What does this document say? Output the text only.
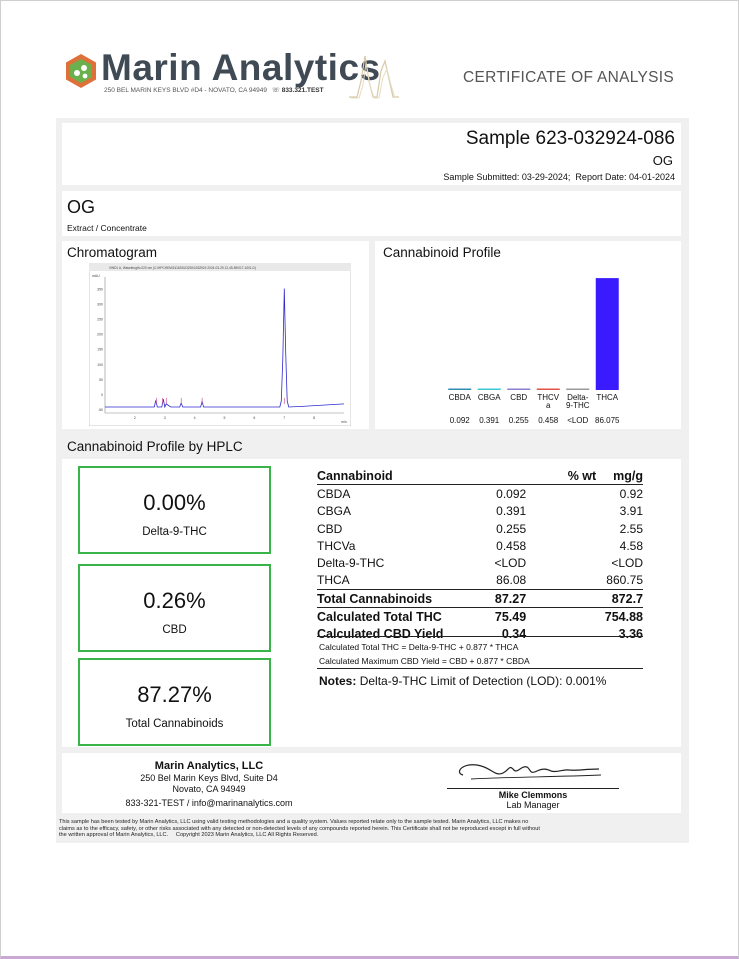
Marin Analytics
250 BEL MARIN KEYS BLVD #D4 - NOVATO, CA 94949 ☏ 833.321.TEST
CERTIFICATE OF ANALYSIS
Sample 623-032924-086
OG
Sample Submitted: 03-29-2024;  Report Date: 04-01-2024
OG
Extract / Concentrate
Chromatogram
VWD1 A, Wavelength=220 nm (C:\HPCHEM\1\DATA\032924\032924 2024-03-29 12-45-59\017-1001.D)
mAU
min
350
300
250
200
150
100
50
0
-50
2	3	4	5	6	7	8
Cannabinoid Profile
CBDA
0.092
CBGA
0.391
CBD
0.255
THCV
a
0.458
Delta-
9-THC
<LOD
THCA
86.075
Cannabinoid Profile by HPLC
0.00%
Delta-9-THC
0.26%
CBD
87.27%
Total Cannabinoids
Cannabinoid	% wt	mg/g
CBDA	0.092	0.92
CBGA	0.391	3.91
CBD	0.255	2.55
THCVa	0.458	4.58
Delta-9-THC	<LOD	<LOD
THCA	86.08	860.75
Total Cannabinoids	87.27	872.7
Calculated Total THC	75.49	754.88
Calculated CBD Yield	0.34	3.36
Calculated Total THC = Delta-9-THC + 0.877 * THCA
Calculated Maximum CBD Yield = CBD + 0.877 * CBDA
Notes: Delta-9-THC Limit of Detection (LOD): 0.001%
Marin Analytics, LLC
250 Bel Marin Keys Blvd, Suite D4
Novato, CA 94949
833-321-TEST / info@marinanalytics.com
Mike Clemmons
Lab Manager
This sample has been tested by Marin Analytics, LLC using valid testing methodologies and a quality system. Values reported relate only to the sample tested. Marin Analytics, LLC makes no
claims as to the efficacy, safety, or other risks associated with any detected or non-detected levels of any compounds reported herein. This Certificate shall not be reproduced except in full without
the written approval of Marin Analytics, LLC.     Copyright 2023 Marin Analytics, LLC All Rights Reserved.
